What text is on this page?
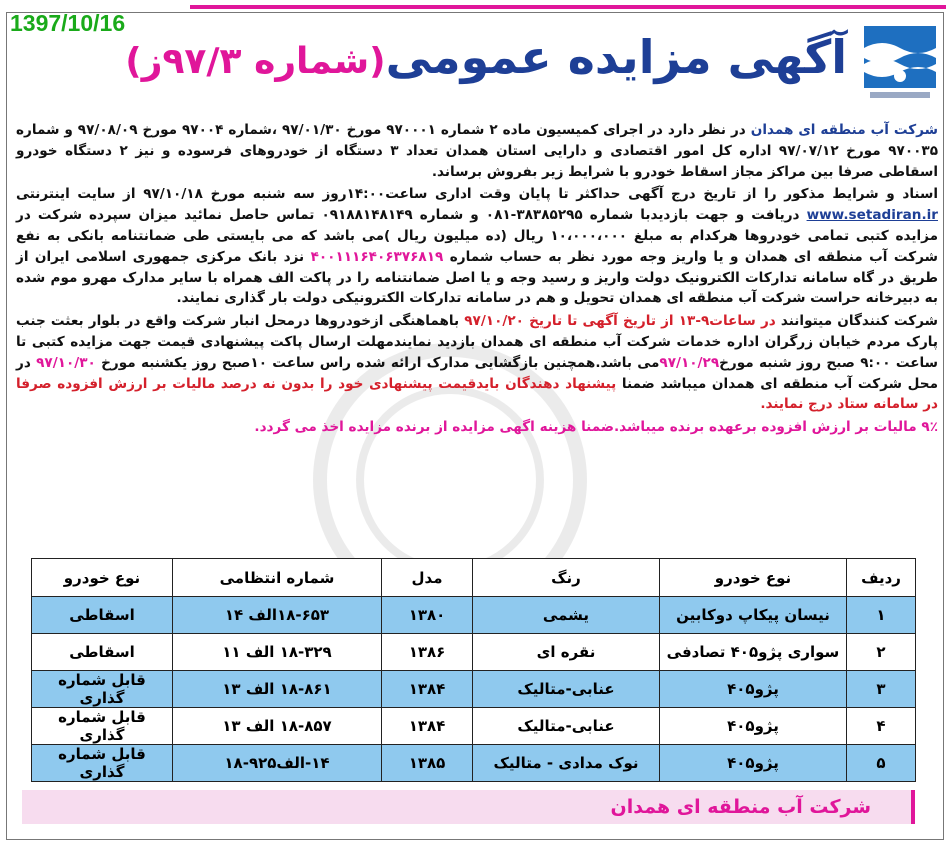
1397/10/16
آگهی مزایده عمومی(شماره ۹۷/۳ز)

شرکت آب منطقه ای همدان در نظر دارد در اجرای کمیسیون ماده ۲ شماره ۹۷۰۰۰۱ مورخ ۹۷/۰۱/۳۰ ،شماره ۹۷۰۰۴ مورخ ۹۷/۰۸/۰۹ و شماره ۹۷۰۰۳۵ مورخ ۹۷/۰۷/۱۲ اداره کل امور اقتصادی و دارایی استان همدان تعداد ۳ دستگاه از خودروهای فرسوده و نیز ۲ دستگاه خودرو اسقاطی صرفا بین مراکز مجاز اسقاط خودرو با شرایط زیر بفروش برساند.

اسناد و شرایط مذکور را از تاریخ درج آگهی حداکثر تا پایان وقت اداری ساعت۱۴:۰۰روز سه شنبه مورخ ۹۷/۱۰/۱۸ از سایت اینترنتی www.setadiran.ir دریافت و جهت بازدیدبا شماره ۳۸۳۸۵۲۹۵-۰۸۱ و شماره ۰۹۱۸۸۱۴۸۱۴۹ تماس حاصل نمائید میزان سپرده شرکت در مزایده کتبی تمامی خودروها هرکدام به مبلغ ۱۰،۰۰۰،۰۰۰ ریال (ده میلیون ریال )می باشد که می بایستی طی ضمانتنامه بانکی به نفع شرکت آب منطقه ای همدان و یا واریز وجه مورد نظر به حساب شماره ۴۰۰۱۱۱۶۴۰۶۳۷۶۸۱۹ نزد بانک مرکزی جمهوری اسلامی ایران از طریق در گاه سامانه تدارکات الکترونیک دولت واریز و رسید وجه و یا اصل ضمانتنامه را در پاکت الف همراه با سایر مدارک مهرو موم شده به دبیرخانه حراست شرکت آب منطقه ای همدان تحویل و هم در سامانه تدارکات الکترونیکی دولت بار گذاری نمایند.

شرکت کنندگان میتوانند در ساعات۹-۱۳ از تاریخ آگهی تا تاریخ ۹۷/۱۰/۲۰ باهماهنگی ازخودروها درمحل انبار شرکت واقع در بلوار بعثت جنب پارک مردم خیابان زرگران اداره خدمات شرکت آب منطقه ای همدان بازدید نمایندمهلت ارسال پاکت پیشنهادی قیمت جهت مزایده کتبی تا ساعت ۹:۰۰ صبح روز شنبه مورخ۹۷/۱۰/۲۹می باشد.همچنین بازگشایی مدارک ارائه شده راس ساعت ۱۰صبح روز یکشنبه مورخ ۹۷/۱۰/۳۰ در محل شرکت آب منطقه ای همدان میباشد ضمنا پیشنهاد دهندگان بایدقیمت پیشنهادی خود را بدون نه درصد مالیات بر ارزش افزوده صرفا در سامانه ستاد درج نمایند.

۹٪ مالیات بر ارزش افزوده برعهده برنده میباشد.ضمنا هزینه اگهی مزایده از برنده مزایده اخذ می گردد.

ردیف	نوع خودرو	رنگ	مدل	شماره انتظامی	نوع خودرو
۱	نیسان پیکاپ دوکابین	یشمی	۱۳۸۰	۱۸-۶۵۳الف ۱۴	اسقاطی
۲	سواری پژو۴۰۵ تصادفی	نقره ای	۱۳۸۶	۱۸-۳۲۹ الف ۱۱	اسقاطی
۳	پژو۴۰۵	عنابی-متالیک	۱۳۸۴	۱۸-۸۶۱ الف ۱۳	قابل شماره گذاری
۴	پژو۴۰۵	عنابی-متالیک	۱۳۸۴	۱۸-۸۵۷ الف ۱۳	قابل شماره گذاری
۵	پژو۴۰۵	نوک مدادی - متالیک	۱۳۸۵	۱۴-الف۹۲۵-۱۸	قابل شماره گذاری
شرکت آب منطقه ای همدان
